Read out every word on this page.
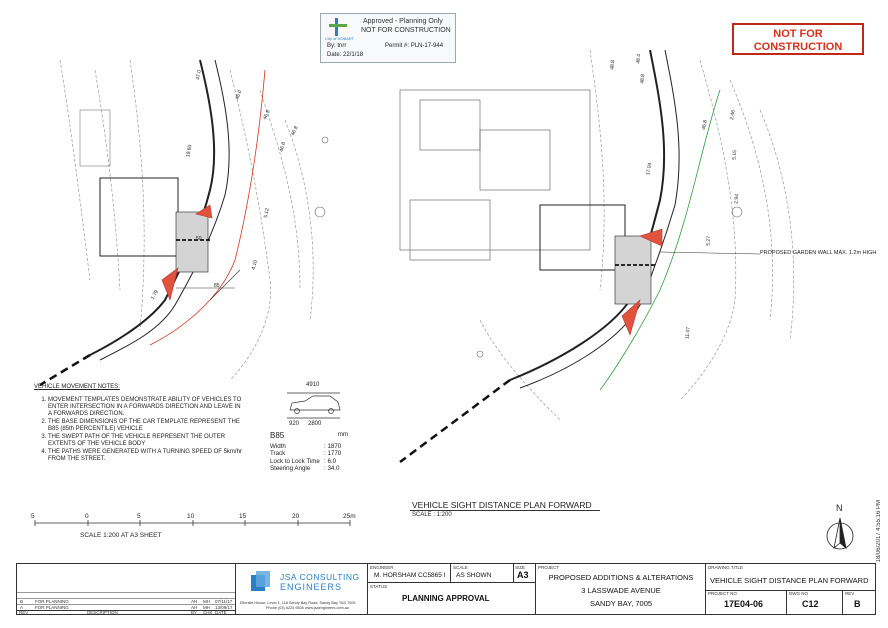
Approved - Planning Only
NOT FOR CONSTRUCTION
City of HOBART
By: tnrr	Permit #: PLN-17-944
Date: 22/1/18
NOT FOR
CONSTRUCTION
47.0
46.0
19.60
46.8
46.8
46.8
5.12
4.10
50
85
1.79
48.8
48.4
48.8
17.04
46.8
2.46
5.15
2.94
5.27
11.07
PROPOSED GARDEN WALL MAX. 1.2m HIGH
VEHICLE MOVEMENT NOTES:
1. MOVEMENT TEMPLATES DEMONSTRATE ABILITY OF VEHICLES TO ENTER INTERSECTION IN A FORWARDS DIRECTION AND LEAVE IN A FORWARDS DIRECTION.
2. THE BASE DIMENSIONS OF THE CAR TEMPLATE REPRESENT THE B85 (85th PERCENTILE) VEHICLE
3. THE SWEPT PATH OF THE VEHICLE REPRESENT THE OUTER EXTENTS OF THE VEHICLE BODY
4. THE PATHS WERE GENERATED WITH A TURNING SPEED OF 5km/hr FROM THE STREET.
4910
920 2800
B85	mm
Width	: 1870
Track	: 1770
Lock to Lock Time : 6.0
Steering Angle	: 34.0
VEHICLE SIGHT DISTANCE PLAN FORWARD
SCALE : 1:200
5	0	5	10	15	20	25m
SCALE 1:200 AT A3 SHEET
N	18/06/2017 4:55:16 PM
B	FOR PLANNING	AH MH 07/11/17
A	FOR PLANNING	AH MH 13/09/17
REV	DESCRIPTION	BY CHK DATE
JSA CONSULTING
ENGINEERS
Ellerslie House, Level 1, 118 Sandy Bay Road, Sandy Bay TAS 7005
Phone (03) 6224 9826 www.jsaengineers.com.au
ENGINEER
M. HORSHAM CC5865 I
SCALE
AS SHOWN
SIZE
A3
STATUS
PLANNING APPROVAL
PROJECT
PROPOSED ADDITIONS & ALTERATIONS
3 LASSWADE AVENUE
SANDY BAY, 7005
DRAWING TITLE
VEHICLE SIGHT DISTANCE PLAN FORWARD
PROJECT NO
17E04-06
DWG NO
C12
REV
B
